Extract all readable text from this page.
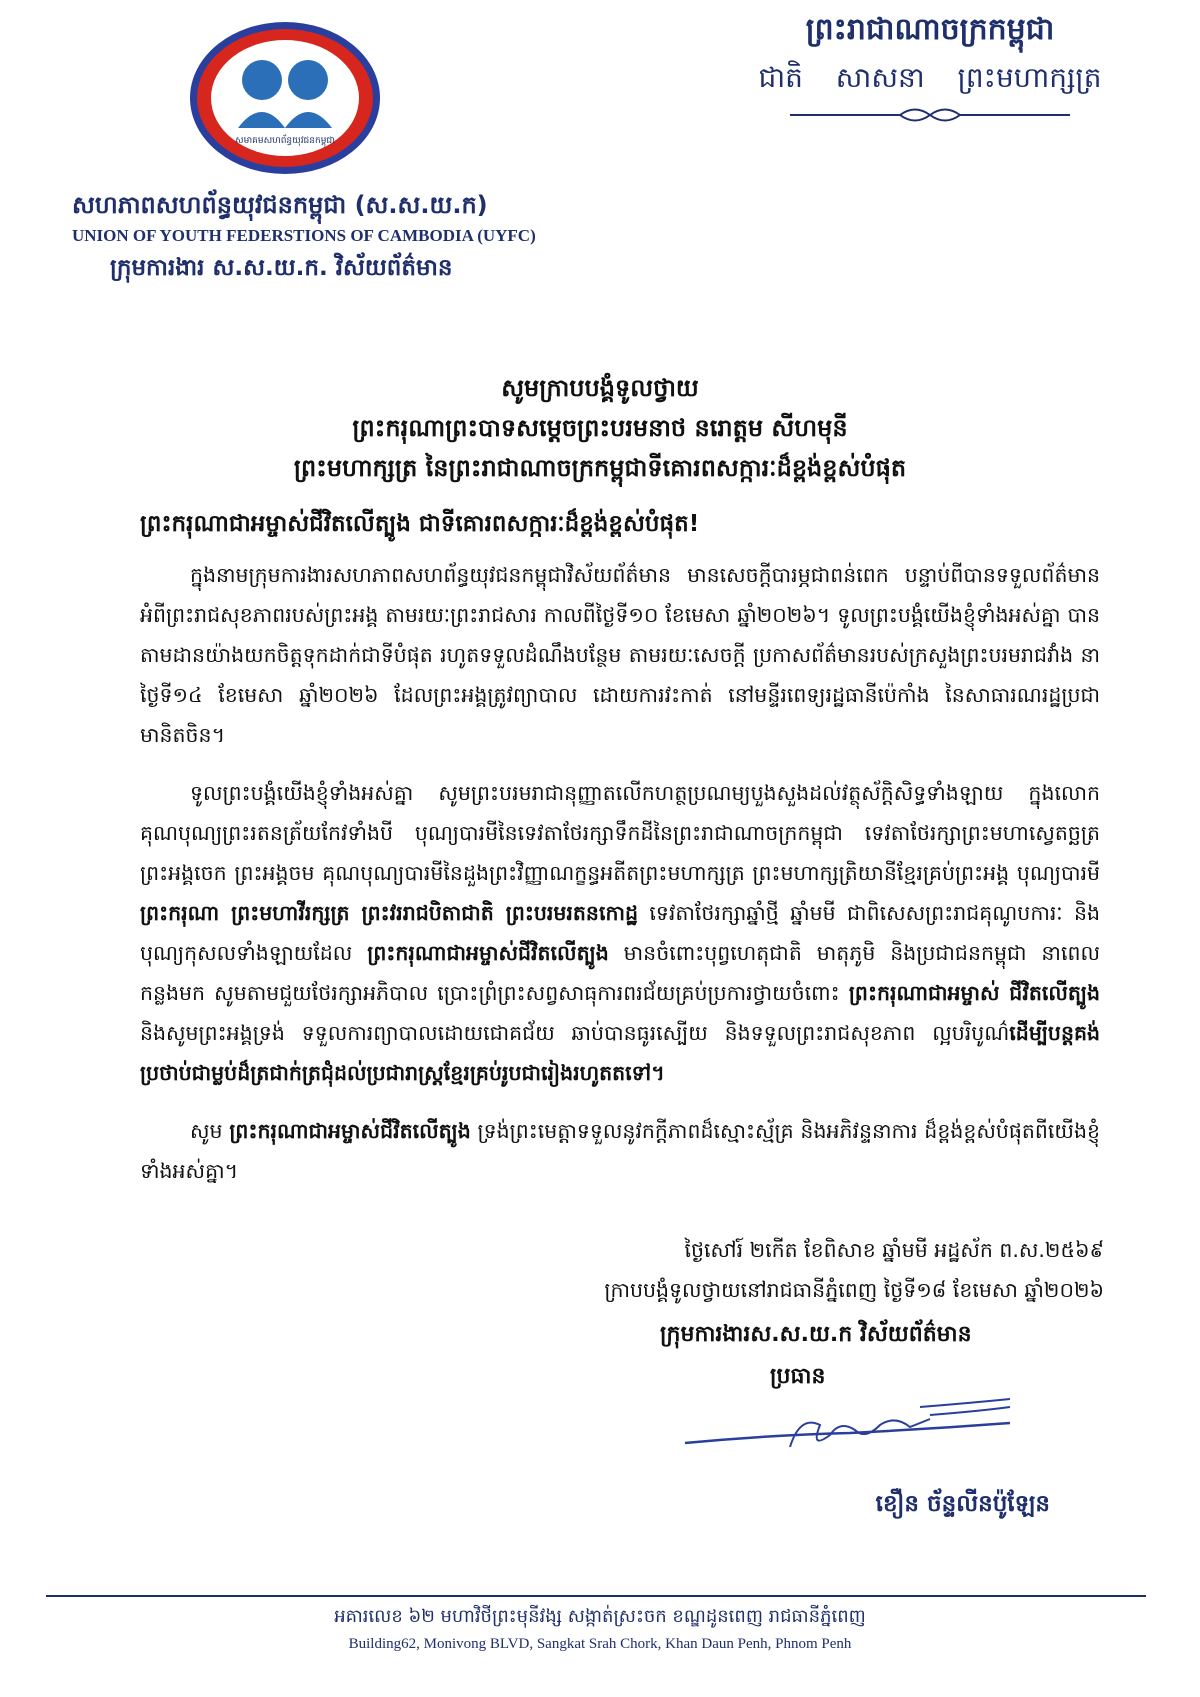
សមាគមសហព័ន្ធយុវជនកម្ពុជា
សហភាពសហព័ន្ធយុវជនកម្ពុជា (ស.ស.យ.ក)
UNION OF YOUTH FEDERSTIONS OF CAMBODIA (UYFC)
ក្រុមការងារ ស.ស.យ.ក. វិស័យព័ត៌មាន
ព្រះរាជាណាចក្រកម្ពុជា
ជាតិ សាសនា ព្រះមហាក្សត្រ
សូមក្រាបបង្គំទូលថ្វាយ
ព្រះករុណាព្រះបាទសម្តេចព្រះបរមនាថ នរោត្តម សីហមុនី
ព្រះមហាក្សត្រ នៃព្រះរាជាណាចក្រកម្ពុជាទីគោរពសក្ការៈដ៏ខ្ពង់ខ្ពស់បំផុត
ព្រះករុណាជាអម្ចាស់ជីវិតលើត្បូង ជាទីគោរពសក្ការៈដ៏ខ្ពង់ខ្ពស់បំផុត!

ក្នុងនាមក្រុមការងារសហភាពសហព័ន្ធយុវជនកម្ពុជាវិស័យព័ត៌មាន មានសេចក្តីបារម្ភជាពន់ពេក បន្ទាប់ពីបានទទួលព័ត៌មានអំពីព្រះរាជសុខភាពរបស់ព្រះអង្គ តាមរយៈព្រះរាជសារ កាលពីថ្ងៃទី១០ ខែមេសា ឆ្នាំ២០២៦។ ទូលព្រះបង្គំយើងខ្ញុំទាំងអស់គ្នា បានតាមដានយ៉ាងយកចិត្តទុកដាក់ជាទីបំផុត រហូតទទួលដំណឹងបន្ថែម តាមរយៈសេចក្តី ប្រកាសព័ត៌មានរបស់ក្រសួងព្រះបរមរាជវាំង នាថ្ងៃទី១៤ ខែមេសា ឆ្នាំ២០២៦ ដែលព្រះអង្គត្រូវព្យាបាល ដោយការវះកាត់ នៅមន្ទីរពេទ្យរដ្ឋធានីប៉េកាំង នៃសាធារណរដ្ឋប្រជាមានិតចិន។

ទូលព្រះបង្គំយើងខ្ញុំទាំងអស់គ្នា សូមព្រះបរមរាជានុញ្ញាតលើកហត្ថប្រណម្យបួងសួងដល់វត្ថុស័ក្តិសិទ្ធទាំងឡាយ ក្នុងលោក គុណបុណ្យព្រះរតនត្រ័យកែវទាំងបី បុណ្យបារមីនៃទេវតាថែរក្សាទឹកដីនៃព្រះរាជាណាចក្រកម្ពុជា ទេវតាថែរក្សាព្រះមហាស្វេតច្ឆត្រ ព្រះអង្គចេក ព្រះអង្គចម គុណបុណ្យបារមីនៃដួងព្រះវិញ្ញាណក្ខន្ធអតីតព្រះមហាក្សត្រ ព្រះមហាក្សត្រិយានីខ្មែរគ្រប់ព្រះអង្គ បុណ្យបារមី ព្រះករុណា ព្រះមហាវីរក្សត្រ ព្រះវររាជបិតាជាតិ ព្រះបរមរតនកោដ្ឋ ទេវតាថែរក្សាឆ្នាំថ្មី ឆ្នាំមមី ជាពិសេសព្រះរាជគុណូបការៈ និងបុណ្យកុសលទាំងឡាយដែល ព្រះករុណាជាអម្ចាស់ជីវិតលើត្បូង មានចំពោះបុព្វហេតុជាតិ មាតុភូមិ និងប្រជាជនកម្ពុជា នាពេលកន្លងមក សូមតាមជួយថែរក្សាអភិបាល ប្រោះព្រំព្រះសព្វសាធុការពរជ័យគ្រប់ប្រការថ្វាយចំពោះ ព្រះករុណាជាអម្ចាស់ ជីវិតលើត្បូង និងសូមព្រះអង្គទ្រង់ ទទួលការព្យាបាលដោយជោគជ័យ ឆាប់បានធូរស្បើយ និងទទួលព្រះរាជសុខភាព ល្អបរិបូណ៌ដើម្បីបន្តគង់ប្រថាប់ជាម្លប់ដ៏ត្រជាក់ត្រជុំដល់ប្រជារាស្ត្រខ្មែរគ្រប់រូបជារៀងរហូតតទៅ។

សូម ព្រះករុណាជាអម្ចាស់ជីវិតលើត្បូង ទ្រង់ព្រះមេត្តាទទួលនូវកក្តីភាពដ៏ស្មោះស្ម័គ្រ និងអភិវន្ទនាការ ដ៏ខ្ពង់ខ្ពស់បំផុតពីយើងខ្ញុំទាំងអស់គ្នា។

ថ្ងៃសៅរ៍ ២កើត ខែពិសាខ ឆ្នាំមមី អដ្ឋស័ក ព.ស.២៥៦៩
ក្រាបបង្គំទូលថ្វាយនៅរាជធានីភ្នំពេញ ថ្ងៃទី១៨ ខែមេសា ឆ្នាំ២០២៦
ក្រុមការងារស.ស.យ.ក វិស័យព័ត៌មាន
ប្រធាន
ខឿន ច័ន្ទលីនប៉ូឡែន
អគារលេខ ៦២ មហាវិថីព្រះមុនីវង្ស សង្កាត់ស្រះចក ខណ្ឌដូនពេញ រាជធានីភ្នំពេញ
Building62, Monivong BLVD, Sangkat Srah Chork, Khan Daun Penh, Phnom Penh
